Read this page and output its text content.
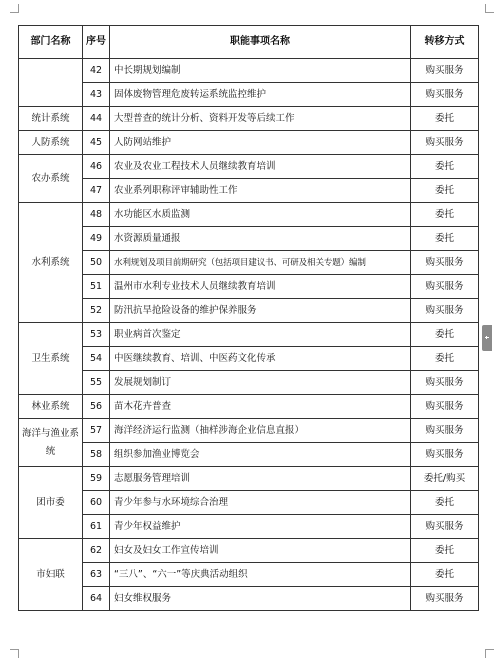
部门名称	序号	职能事项名称	转移方式
	42	中长期规划编制	购买服务
	43	固体废物管理危废转运系统监控维护	购买服务
统计系统	44	大型普查的统计分析、资料开发等后续工作	委托
人防系统	45	人防网站维护	购买服务
农办系统	46	农业及农业工程技术人员继续教育培训	委托
	47	农业系列职称评审辅助性工作	委托
水利系统	48	水功能区水质监测	委托
	49	水资源质量通报	委托
	50	水利规划及项目前期研究（包括项目建议书、可研及相关专题）编制	购买服务
	51	温州市水利专业技术人员继续教育培训	购买服务
	52	防汛抗旱抢险设备的维护保养服务	购买服务
卫生系统	53	职业病首次鉴定	委托
	54	中医继续教育、培训、中医药文化传承	委托
	55	发展规划制订	购买服务
林业系统	56	苗木花卉普查	购买服务
海洋与渔业系统	57	海洋经济运行监测（抽样涉海企业信息直报）	购买服务
	58	组织参加渔业博览会	购买服务
团市委	59	志愿服务管理培训	委托/购买
	60	青少年参与水环境综合治理	委托
	61	青少年权益维护	购买服务
市妇联	62	妇女及妇女工作宣传培训	委托
	63	“三八”、“六一”等庆典活动组织	委托
	64	妇女维权服务	购买服务
